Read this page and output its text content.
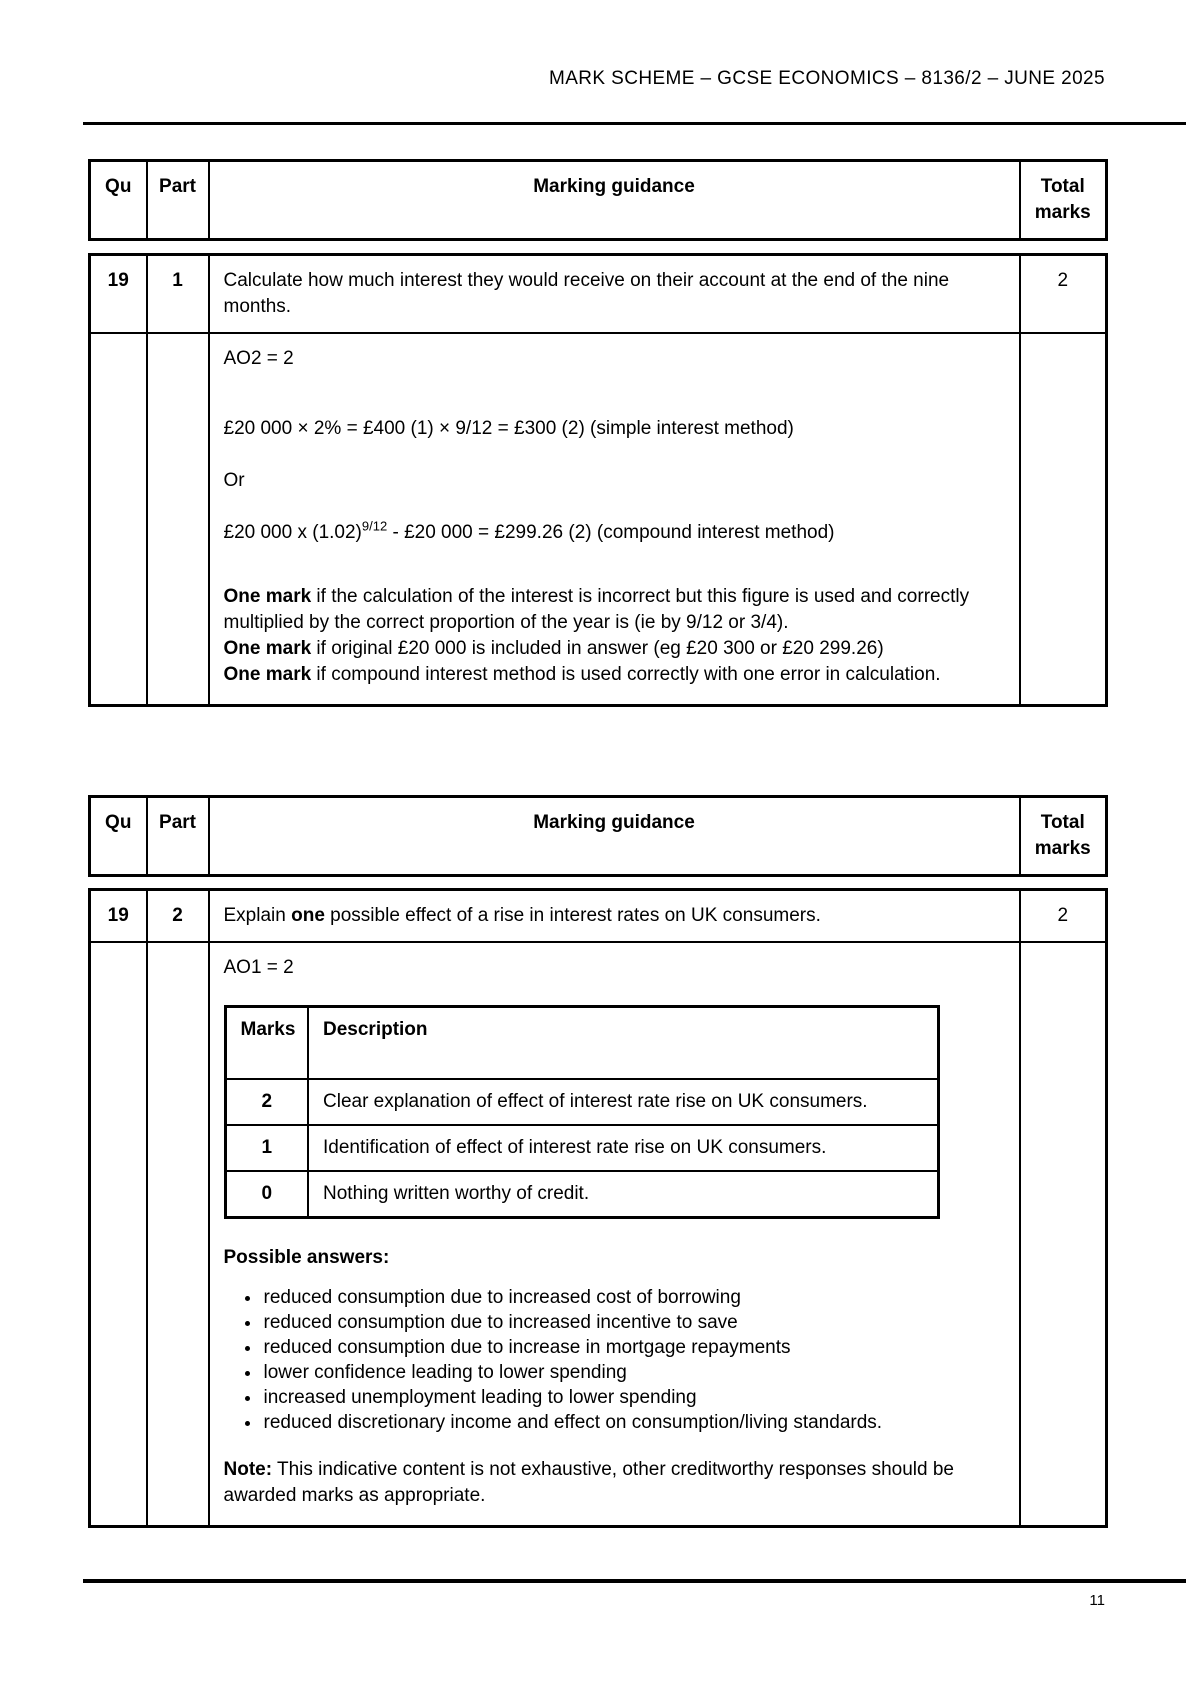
MARK SCHEME – GCSE ECONOMICS – 8136/2 – JUNE 2025
Qu	Part	Marking guidance	Total marks
19	1	Calculate how much interest they would receive on their account at the end of the nine months.	2

AO2 = 2
£20 000 × 2% = £400 (1) × 9/12 = £300 (2) (simple interest method)
Or
£20 000 x $(1.02)^{9/12}$ - £20 000 = £299.26 (2) (compound interest method)
One mark if the calculation of the interest is incorrect but this figure is used and correctly multiplied by the correct proportion of the year is (ie by 9/12 or 3/4).
One mark if original £20 000 is included in answer (eg £20 300 or £20 299.26)
One mark if compound interest method is used correctly with one error in calculation.

Qu	Part	Marking guidance	Total marks
19	2	Explain one possible effect of a rise in interest rates on UK consumers.	2

AO1 = 2
Marks	Description
2	Clear explanation of effect of interest rate rise on UK consumers.
1	Identification of effect of interest rate rise on UK consumers.
0	Nothing written worthy of credit.
Possible answers:
• reduced consumption due to increased cost of borrowing
• reduced consumption due to increased incentive to save
• reduced consumption due to increase in mortgage repayments
• lower confidence leading to lower spending
• increased unemployment leading to lower spending
• reduced discretionary income and effect on consumption/living standards.
Note: This indicative content is not exhaustive, other creditworthy responses should be awarded marks as appropriate.

11
